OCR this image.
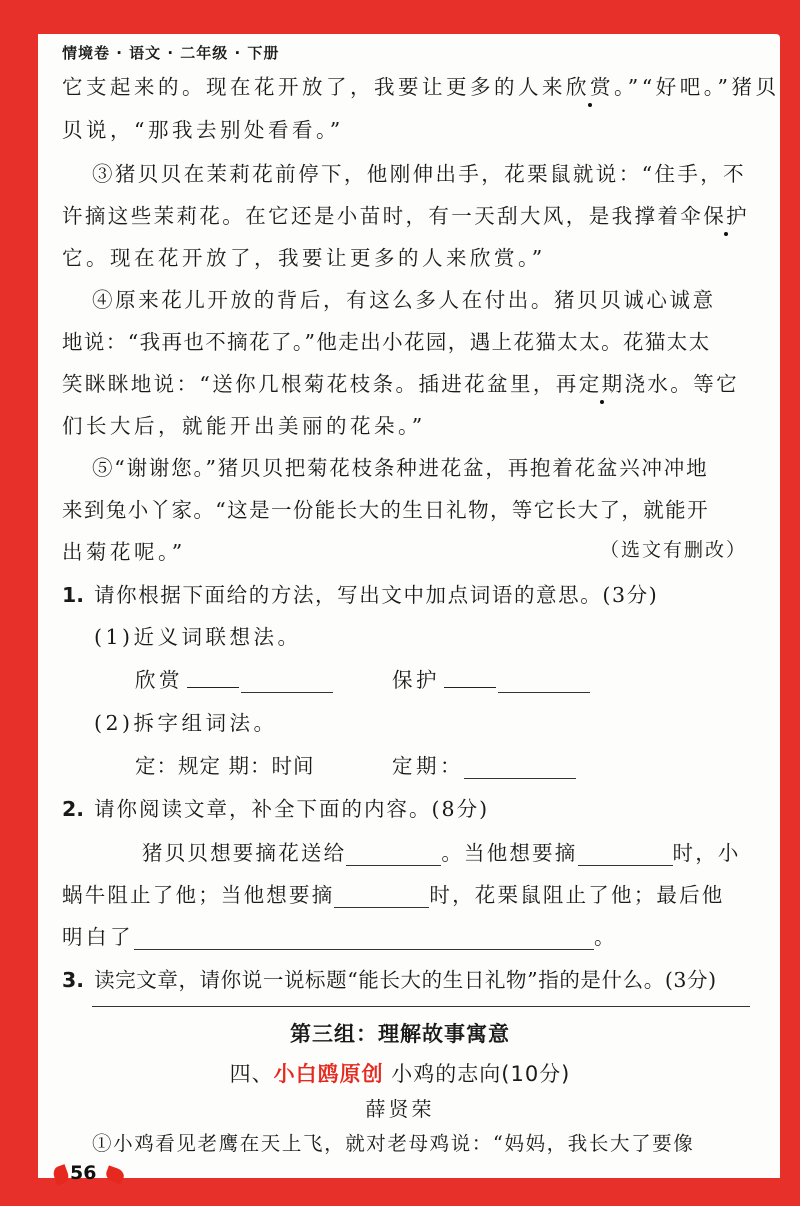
情境卷 · 语文 · 二年级 · 下册
它支起来的。现在花开放了，我要让更多的人来欣赏。”“好吧。”猪贝
贝说，“那我去别处看看。”
③猪贝贝在茉莉花前停下，他刚伸出手，花栗鼠就说：“住手，不
许摘这些茉莉花。在它还是小苗时，有一天刮大风，是我撑着伞保护
它。现在花开放了，我要让更多的人来欣赏。”
④原来花儿开放的背后，有这么多人在付出。猪贝贝诚心诚意
地说：“我再也不摘花了。”他走出小花园，遇上花猫太太。花猫太太
笑眯眯地说：“送你几根菊花枝条。插进花盆里，再定期浇水。等它
们长大后，就能开出美丽的花朵。”
⑤“谢谢您。”猪贝贝把菊花枝条种进花盆，再抱着花盆兴冲冲地
来到兔小丫家。“这是一份能长大的生日礼物，等它长大了，就能开
出菊花呢。”	（选文有删改）
1. 请你根据下面给的方法，写出文中加点词语的意思。(3分)
(1)近义词联想法。
欣赏	保护
(2)拆字组词法。
定：规定 期：时间	定期：
2. 请你阅读文章，补全下面的内容。(8分)
猪贝贝想要摘花送给	。当他想要摘	时，小
蜗牛阻止了他；当他想要摘	时，花栗鼠阻止了他；最后他
明白了	。
3. 读完文章，请你说一说标题“能长大的生日礼物”指的是什么。(3分)
第三组：理解故事寓意
四、小白鸥原创 小鸡的志向(10分)
薛贤荣
①小鸡看见老鹰在天上飞，就对老母鸡说：“妈妈，我长大了要像
56
